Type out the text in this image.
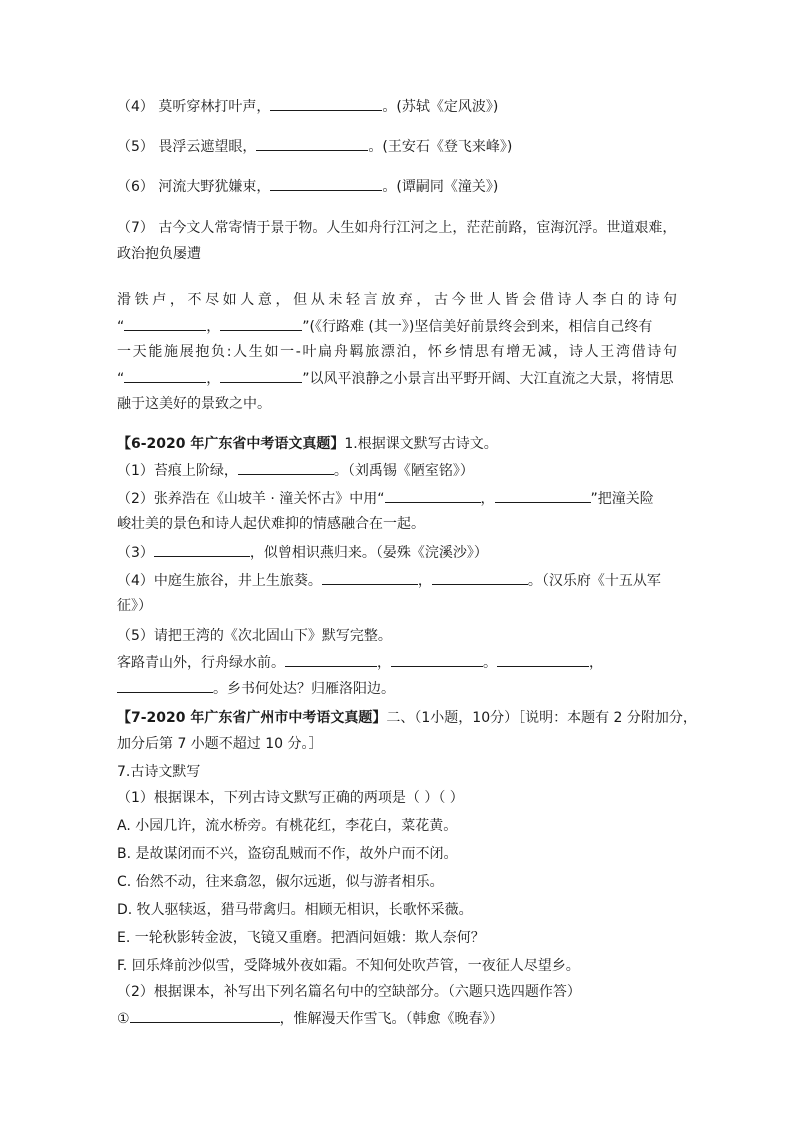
（4） 莫听穿林打叶声，	。(苏轼《定风波》)
（5） 畏浮云遮望眼，	。(王安石《登飞来峰》)
（6） 河流大野犹嫌束，	。(谭嗣同《潼关》)
（7） 古今文人常寄情于景于物。人生如舟行江河之上，茫茫前路，宦海沉浮。世道艰难，
政治抱负屡遭
滑铁卢，不尽如人意，但从未轻言放弃，古今世人皆会借诗人李白的诗句
“	，	”(《行路难 (其一》)坚信美好前景终会到来，相信自己终有
一天能施展抱负:人生如一-叶扁舟羁旅漂泊，怀乡情思有增无减，诗人王湾借诗句
“	，	”以风平浪静之小景言出平野开阔、大江直流之大景，将情思
融于这美好的景致之中。
【6-2020 年广东省中考语文真题】1.根据课文默写古诗文。
（1）苔痕上阶绿，	。（刘禹锡《陋室铭》）
（2）张养浩在《山坡羊 · 潼关怀古》中用“	，	”把潼关险
峻壮美的景色和诗人起伏难抑的情感融合在一起。
（3）	，似曾相识燕归来。（晏殊《浣溪沙》）
（4）中庭生旅谷，井上生旅葵。	，	。（汉乐府《十五从军
征》）
（5）请把王湾的《次北固山下》默写完整。
客路青山外，行舟绿水前。	，	。	，
。乡书何处达？归雁洛阳边。
【7-2020 年广东省广州市中考语文真题】二、（1小题，10分）［说明：本题有 2 分附加分，
加分后第 7 小题不超过 10 分。］
7.古诗文默写
（1）根据课本，下列古诗文默写正确的两项是（ ）（ ）
A. 小园几许，流水桥旁。有桃花红，李花白，菜花黄。
B. 是故谋闭而不兴，盗窃乱贼而不作，故外户而不闭。
C. 佁然不动，往来翕忽，俶尔远逝，似与游者相乐。
D. 牧人驱犊返，猎马带禽归。相顾无相识，长歌怀采薇。
E. 一轮秋影转金波，飞镜又重磨。把酒问姮娥：欺人奈何？
F. 回乐烽前沙似雪，受降城外夜如霜。不知何处吹芦管，一夜征人尽望乡。
（2）根据课本，补写出下列名篇名句中的空缺部分。（六题只选四题作答）
①	，惟解漫天作雪飞。（韩愈《晚春》）
